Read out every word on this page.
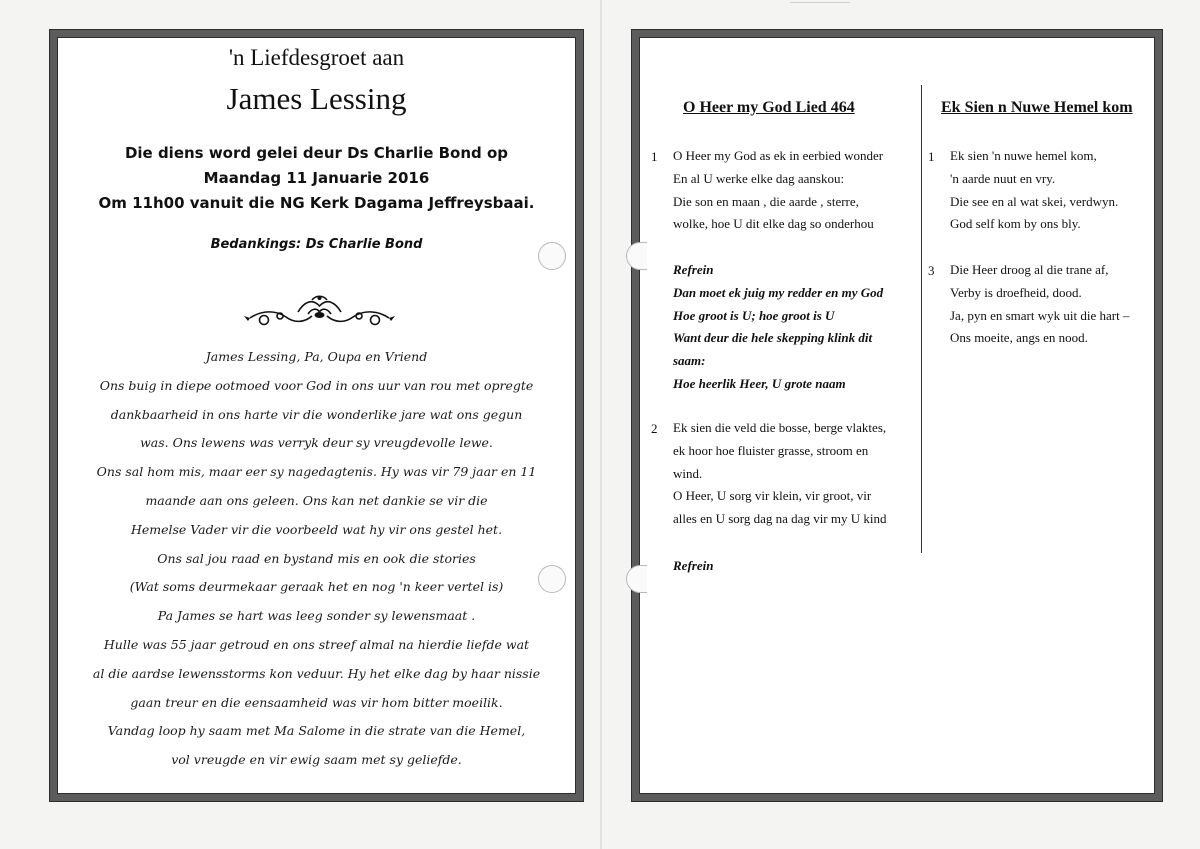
'n Liefdesgroet aan
James Lessing
Die diens word gelei deur Ds Charlie Bond op
Maandag 11 Januarie 2016
Om 11h00 vanuit die NG Kerk Dagama Jeffreysbaai.
Bedankings: Ds Charlie Bond
James Lessing, Pa, Oupa en Vriend
Ons buig in diepe ootmoed voor God in ons uur van rou met opregte
dankbaarheid in ons harte vir die wonderlike jare wat ons gegun
was. Ons lewens was verryk deur sy vreugdevolle lewe.
Ons sal hom mis, maar eer sy nagedagtenis. Hy was vir 79 jaar en 11
maande aan ons geleen. Ons kan net dankie se vir die
Hemelse Vader vir die voorbeeld wat hy vir ons gestel het.
Ons sal jou raad en bystand mis en ook die stories
(Wat soms deurmekaar geraak het en nog 'n keer vertel is)
Pa James se hart was leeg sonder sy lewensmaat .
Hulle was 55 jaar getroud en ons streef almal na hierdie liefde wat
al die aardse lewensstorms kon veduur. Hy het elke dag by haar nissie
gaan treur en die eensaamheid was vir hom bitter moeilik.
Vandag loop hy saam met Ma Salome in die strate van die Hemel,
vol vreugde en vir ewig saam met sy geliefde.
O Heer my God Lied 464
1 O Heer my God as ek in eerbied wonder
En al U werke elke dag aanskou:
Die son en maan , die aarde , sterre,
wolke, hoe U dit elke dag so onderhou
Refrein
Dan moet ek juig my redder en my God
Hoe groot is U; hoe groot is U
Want deur die hele skepping klink dit
saam:
Hoe heerlik Heer, U grote naam
2 Ek sien die veld die bosse, berge vlaktes,
ek hoor hoe fluister grasse, stroom en
wind.
O Heer, U sorg vir klein, vir groot, vir
alles en U sorg dag na dag vir my U kind
Refrein
Ek Sien n Nuwe Hemel kom
1 Ek sien 'n nuwe hemel kom,
'n aarde nuut en vry.
Die see en al wat skei, verdwyn.
God self kom by ons bly.
3 Die Heer droog al die trane af,
Verby is droefheid, dood.
Ja, pyn en smart wyk uit die hart –
Ons moeite, angs en nood.
